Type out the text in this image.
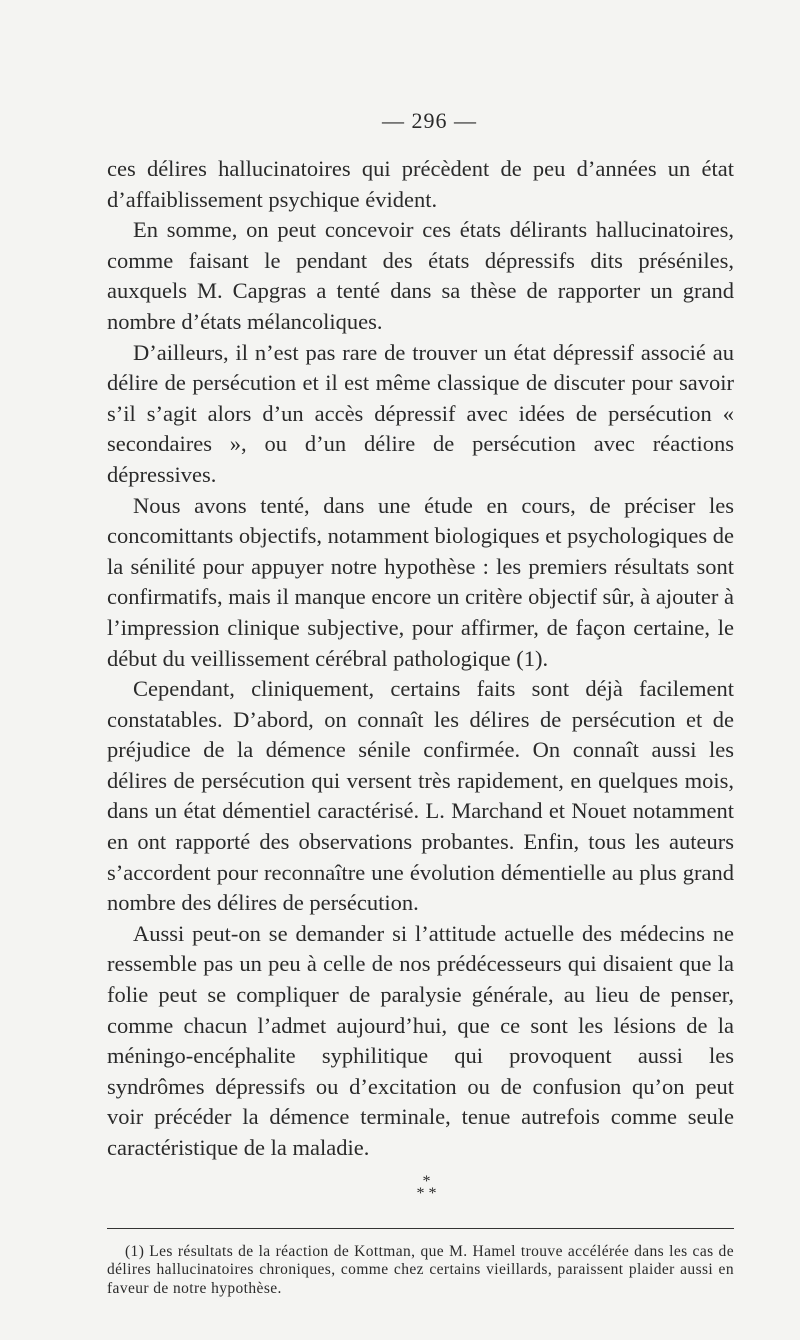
— 296 —

ces délires hallucinatoires qui précèdent de peu d’années un état d’affaiblissement psychique évident.

En somme, on peut concevoir ces états délirants hallucinatoires, comme faisant le pendant des états dépressifs dits préséniles, auxquels M. Capgras a tenté dans sa thèse de rapporter un grand nombre d’états mélancoliques.

D’ailleurs, il n’est pas rare de trouver un état dépressif associé au délire de persécution et il est même classique de discuter pour savoir s’il s’agit alors d’un accès dépressif avec idées de persécution « secondaires », ou d’un délire de persécution avec réactions dépressives.

Nous avons tenté, dans une étude en cours, de préciser les concomittants objectifs, notamment biologiques et psychologiques de la sénilité pour appuyer notre hypothèse : les premiers résultats sont confirmatifs, mais il manque encore un critère objectif sûr, à ajouter à l’impression clinique subjective, pour affirmer, de façon certaine, le début du veillissement cérébral pathologique (1).

Cependant, cliniquement, certains faits sont déjà facilement constatables. D’abord, on connaît les délires de persécution et de préjudice de la démence sénile confirmée. On connaît aussi les délires de persécution qui versent très rapidement, en quelques mois, dans un état démentiel caractérisé. L. Marchand et Nouet notamment en ont rapporté des observations probantes. Enfin, tous les auteurs s’accordent pour reconnaître une évolution démentielle au plus grand nombre des délires de persécution.

Aussi peut-on se demander si l’attitude actuelle des médecins ne ressemble pas un peu à celle de nos prédécesseurs qui disaient que la folie peut se compliquer de paralysie générale, au lieu de penser, comme chacun l’admet aujourd’hui, que ce sont les lésions de la méningo-encéphalite syphilitique qui provoquent aussi les syndrômes dépressifs ou d’excitation ou de confusion qu’on peut voir précéder la démence terminale, tenue autrefois comme seule caractéristique de la maladie.

*
* *

(1) Les résultats de la réaction de Kottman, que M. Hamel trouve accélérée dans les cas de délires hallucinatoires chroniques, comme chez certains vieillards, paraissent plaider aussi en faveur de notre hypothèse.
